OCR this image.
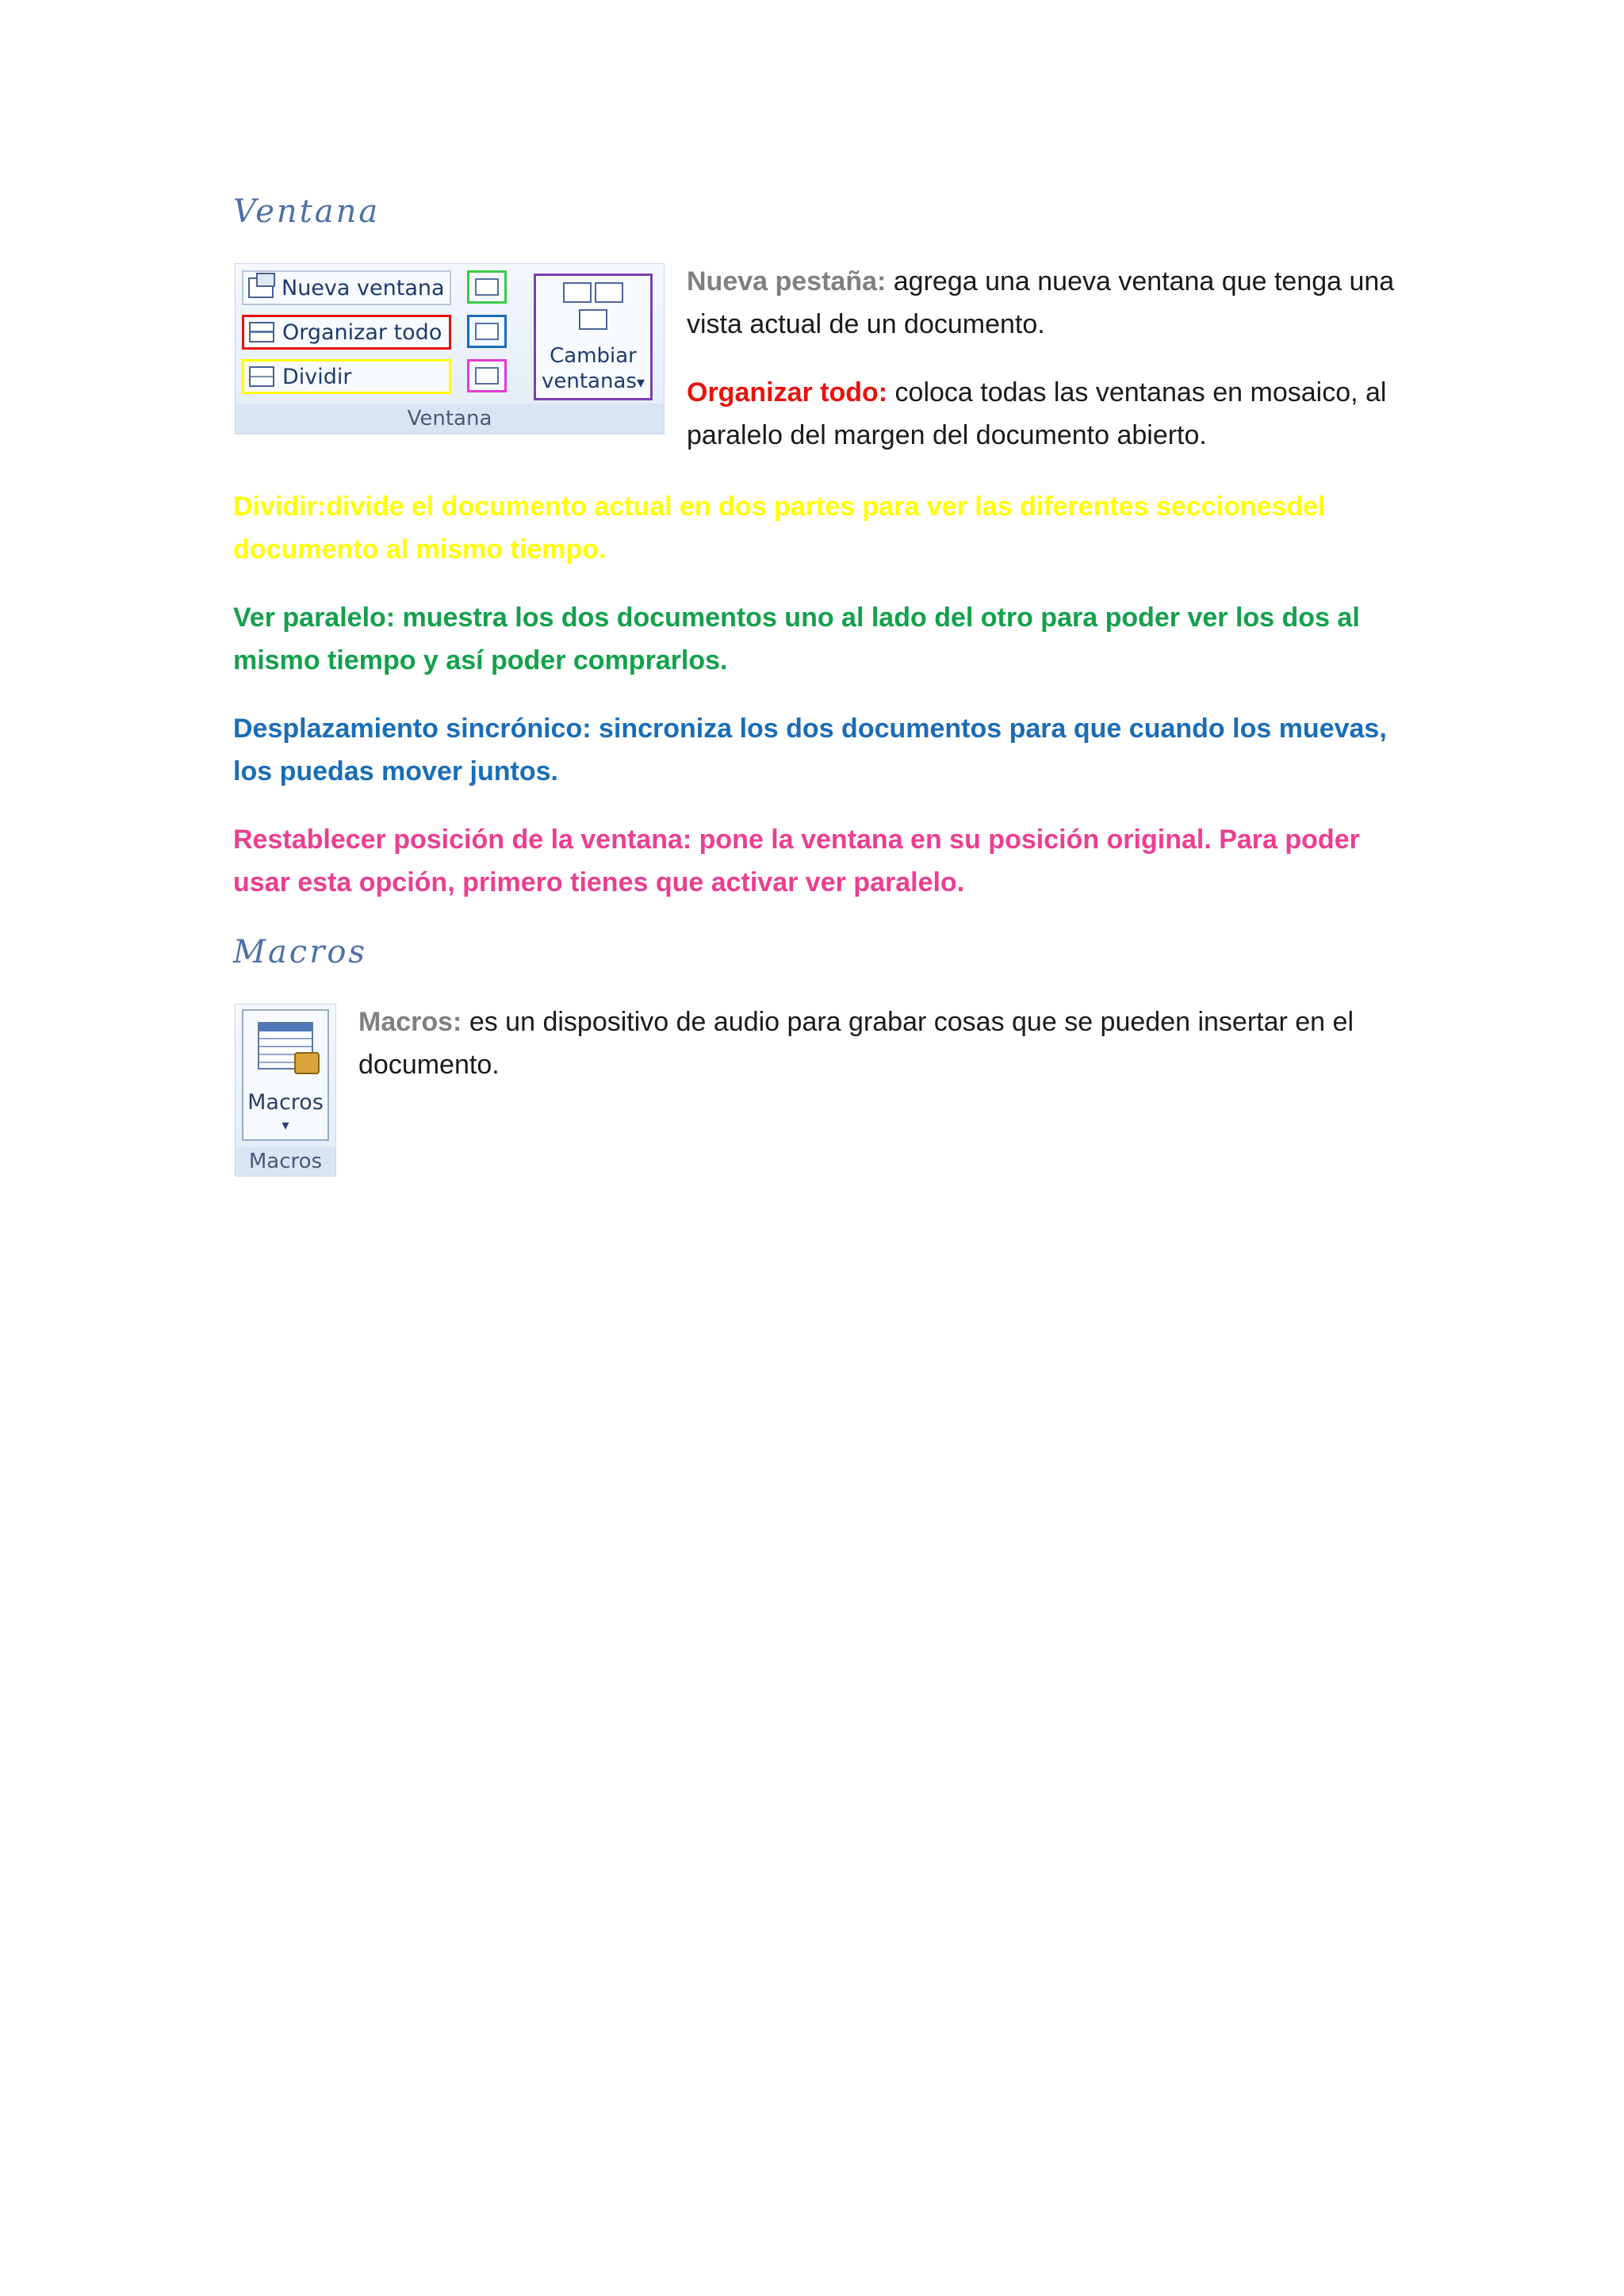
Ventana
Nueva ventana
Organizar todo
Dividir
Cambiar
ventanas▾
Ventana

Nueva pestaña: agrega una nueva ventana que tenga una vista actual de un documento.

Organizar todo: coloca todas las ventanas en mosaico, al paralelo del margen del documento abierto.

Dividir:divide el documento actual en dos partes para ver las diferentes seccionesdel documento al mismo tiempo.

Ver paralelo: muestra los dos documentos uno al lado del otro para poder ver los dos al mismo tiempo y así poder comprarlos.

Desplazamiento sincrónico: sincroniza los dos documentos para que cuando los muevas, los puedas mover juntos.

Restablecer posición de la ventana: pone la ventana en su posición original. Para poder usar esta opción, primero tienes que activar ver paralelo.

Macros
Macros
▾
Macros

Macros: es un dispositivo de audio para grabar cosas que se pueden insertar en el documento.
